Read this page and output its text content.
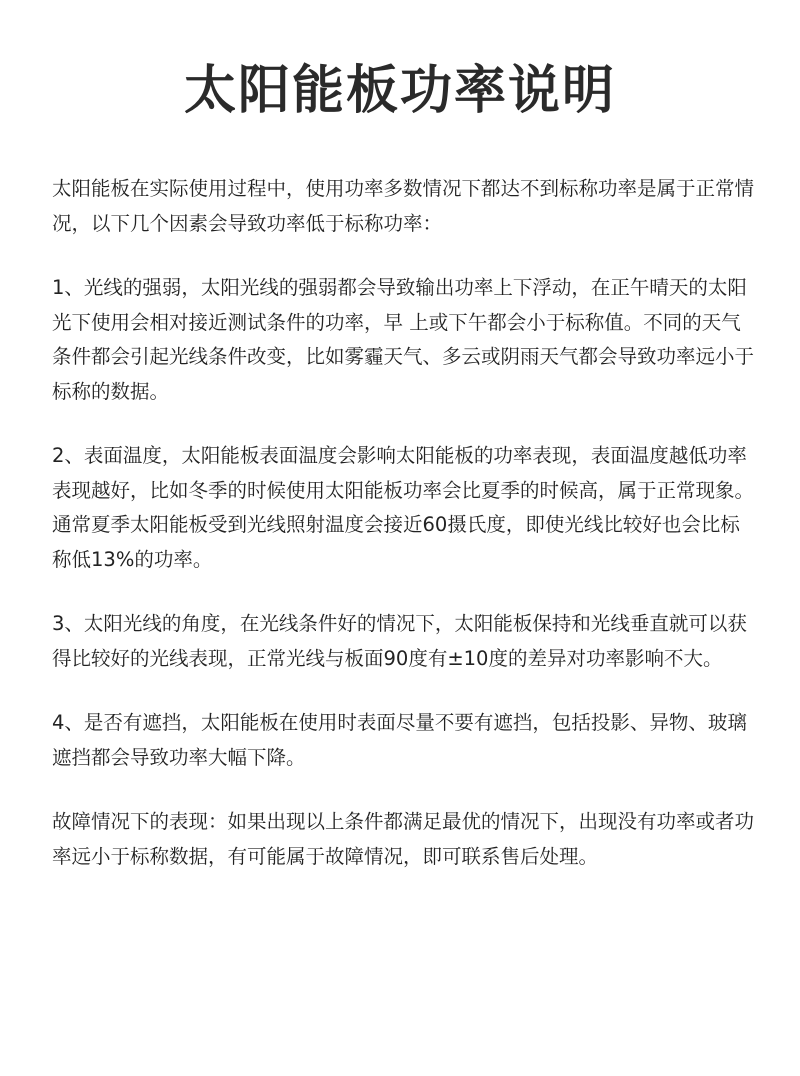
太阳能板功率说明

太阳能板在实际使用过程中，使用功率多数情况下都达不到标称功率是属于正常情况，以下几个因素会导致功率低于标称功率：

1、光线的强弱，太阳光线的强弱都会导致输出功率上下浮动，在正午晴天的太阳光下使用会相对接近测试条件的功率，早 上或下午都会小于标称值。不同的天气条件都会引起光线条件改变，比如雾霾天气、多云或阴雨天气都会导致功率远小于标称的数据。

2、表面温度，太阳能板表面温度会影响太阳能板的功率表现，表面温度越低功率表现越好，比如冬季的时候使用太阳能板功率会比夏季的时候高，属于正常现象。通常夏季太阳能板受到光线照射温度会接近60摄氏度，即使光线比较好也会比标称低13%的功率。

3、太阳光线的角度，在光线条件好的情况下，太阳能板保持和光线垂直就可以获得比较好的光线表现，正常光线与板面90度有±10度的差异对功率影响不大。

4、是否有遮挡，太阳能板在使用时表面尽量不要有遮挡，包括投影、异物、玻璃遮挡都会导致功率大幅下降。

故障情况下的表现：如果出现以上条件都满足最优的情况下，出现没有功率或者功率远小于标称数据，有可能属于故障情况，即可联系售后处理。
